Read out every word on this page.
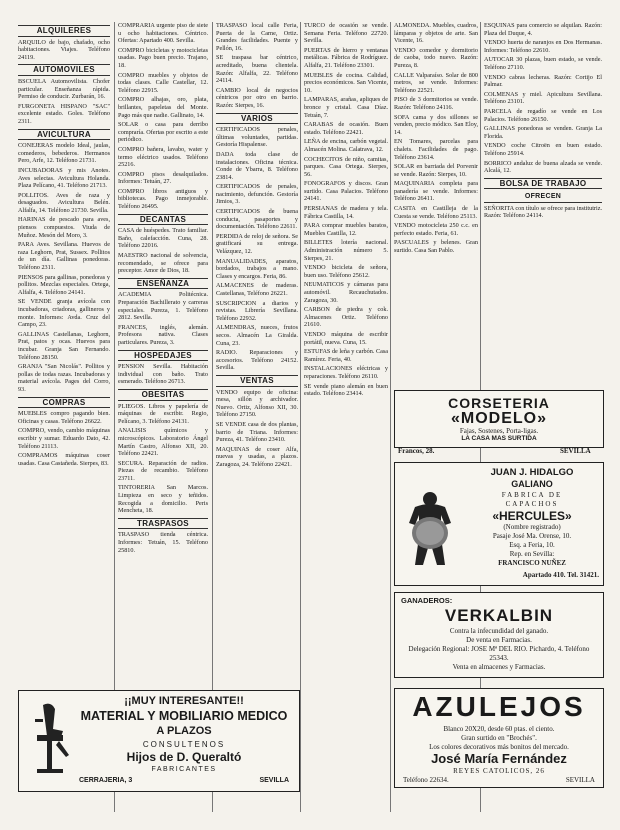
ALQUILERES
ARQUILO de bajo, chafado, ocho habitaciones. Viajes. Teléfono 24119.
AUTOMOVILES
BSCUELA Automovilista. Chofer particular. Enseñanza rápida. Permiso de conducir. Zurbarán, 16.
FURGONETA HISPANO "SAC" excelente estado. Goles. Teléfono 2311.
AVICULTURA
CONEJERAS modelo Ideal, jaulas, comederos, bebederos. Hermanos Pero, Arfe, 12. Teléfono 21731.
INCUBADORAS y mis Anotes. Aves selectas. Avicultura Holanda. Plaza Pelícano, 41. Teléfono 21713.
POLLITOS. Aves de raza y desaguados. Avicultura Belén. Alfalfa, 14. Teléfono 21730. Sevilla.
HARINAS de pescado para aves, piensos compuestos. Viuda de Muñoz. Mesón del Moro, 3.
PARA Aves. Sevillana. Huevos de raza Leghorn, Prat, Sussex. Pollitos de un día. Gallinas ponedoras. Teléfono 2311.
PIENSOS para gallinas, ponedoras y pollitos. Mezclas especiales. Ortega, Alfalfa, 4. Teléfono 24141.
SE VENDE granja avícola con incubadoras, criadoras, gallineros y monte. Informes: Avda. Cruz del Campo, 23.
GALLINAS Castellanas, Leghorn, Prat, patos y ocas. Huevos para incubar. Granja San Fernando. Teléfono 28150.
GRANJA "San Nicolás". Pollitos y pollas de todas razas. Incubadoras y material avícola. Pages del Corro, 93.
COMPRAS
MUEBLES compro pagando bien. Oficinas y casas. Teléfono 26622.
COMPRO, vendo, cambio máquinas escribir y sumar. Eduardo Dato, 42. Teléfono 21113.
COMPRAMOS máquinas coser usadas. Casa Castañeda. Sierpes, 83.
COMPRARIA urgente piso de siete u ocho habitaciones. Céntrico. Ofertas: Apartado 400. Sevilla.
COMPRO bicicletas y motocicletas usadas. Pago buen precio. Trajano, 18.
COMPRO muebles y objetos de todas clases. Calle Castellar, 12. Teléfono 22915.
COMPRO alhajas, oro, plata, brillantes, papeletas del Monte. Pago más que nadie. Gallinato, 14.
SOLAR o casa para derribo compraría. Ofertas por escrito a este periódico.
COMPRO bañera, lavabo, water y termo eléctrico usados. Teléfono 25216.
COMPRO pisos desalquilados. Informes: Tetuán, 27.
COMPRO libros antiguos y bibliotecas. Pago inmejorable. Teléfono 26495.
DECANTAS
CASA de huéspedes. Trato familiar. Baño, calefacción. Cuna, 28. Teléfono 22016.
MAESTRO nacional de solvencia, recomendado, se ofrece para preceptor. Amor de Dios, 18.
ENSEÑANZA
ACADEMIA Politécnica. Preparación Bachillerato y carreras especiales. Pureza, 1. Teléfono 2812. Sevilla.
FRANCES, inglés, alemán. Profesora nativa. Clases particulares. Pureza, 3.
HOSPEDAJES
PENSION Sevilla. Habitación individual con baño. Trato esmerado. Teléfono 26713.
OBESITAS
PLIEGOS. Libros y papelería de máquinas de escribir. Regio, Pelícano, 3. Teléfono 24131.
ANALISIS químicos y microscópicos. Laboratorio Ángel Martín Castro, Alfonso XII, 20. Teléfono 22421.
SECURA. Reparación de radios. Piezas de recambio. Teléfono 23711.
TINTORERIA San Marcos. Limpieza en seco y teñidos. Recogida a domicilio. Peris Mencheta, 18.
TRASPASOS
TRASPASO tienda céntrica. Informes: Tetuán, 15. Teléfono 25810.
TRASPASO local calle Feria, Puerta de la Carne, Ortiz. Grandes facilidades. Puente y Pellón, 16.
SE traspasa bar céntrico, acreditado, buena clientela. Razón: Alfalfa, 22. Teléfono 24114.
CAMBIO local de negocios céntricos por otro en barrio. Razón: Sierpes, 16.
VARIOS
CERTIFICADOS penales, últimas voluntades, partidas. Gestoría Hispalense.
DADA toda clase de instalaciones. Oficina técnica. Conde de Ybarra, 8. Teléfono 23814.
CERTIFICADOS de penales, nacimiento, defunción. Gestoría Jimios, 3.
CERTIFICADOS de buena conducta, pasaportes y documentación. Teléfono 22611.
PERDIDA de reloj de señora. Se gratificará su entrega. Velázquez, 12.
MANUALIDADES, aparatos, bordados, trabajos a mano. Clases y encargos. Feria, 86.
ALMACENES de maderas. Castellanas, Teléfono 26221.
SUSCRIPCION a diarios y revistas. Librería Sevillana. Teléfono 22932.
ALMENDRAS, nueces, frutos secos. Almacén La Giralda. Cuna, 23.
RADIO. Reparaciones y accesorios. Teléfono 24152. Sevilla.
VENTAS
VENDO equipo de oficina: mesa, sillón y archivador. Nuevo. Ortiz, Alfonso XII, 30. Teléfono 27150.
SE VENDE casa de dos plantas, barrio de Triana. Informes: Pureza, 41. Teléfono 23410.
MAQUINAS de coser Alfa, nuevas y usadas, a plazos. Zaragoza, 24. Teléfono 22421.
TURCO de ocasión se vende. Semana Feria. Teléfono 22720. Sevilla.
PUERTAS de hierro y ventanas metálicas. Fábrica de Rodríguez. Alfalfa, 21. Teléfono 23301.
MUEBLES de cocina. Calidad, precios económicos. San Vicente, 10.
LAMPARAS, arañas, apliques de bronce y cristal. Casa Díaz. Tetuán, 7.
CARABAS de ocasión. Buen estado. Teléfono 22421.
LEÑA de encina, carbón vegetal. Almacén Molina. Calatrava, 12.
COCHECITOS de niño, camitas, parques. Casa Ortega. Sierpes, 56.
FONOGRAFOS y discos. Gran surtido. Casa Palacios. Teléfono 24141.
PERSIANAS de madera y tela. Fábrica Castilla, 14.
PARA comprar muebles baratos, Muebles Castilla, 12.
BILLETES lotería nacional. Administración número 5. Sierpes, 21.
VENDO bicicleta de señora, buen uso. Teléfono 25612.
NEUMATICOS y cámaras para automóvil. Recauchutados. Zaragoza, 30.
CARBON de piedra y cok. Almacenes Ortiz. Teléfono 21610.
VENDO máquina de escribir portátil, nueva. Cuna, 15.
ESTUFAS de leña y carbón. Casa Ramírez. Feria, 40.
INSTALACIONES eléctricas y reparaciones. Teléfono 26110.
SE vende piano alemán en buen estado. Teléfono 23414.
ALMONEDA. Muebles, cuadros, lámparas y objetos de arte. San Vicente, 16.
VENDO comedor y dormitorio de caoba, todo nuevo. Razón: Pureza, 8.
CALLE Valparaíso. Solar de 800 metros, se vende. Informes: Teléfono 22521.
PISO de 3 dormitorios se vende. Razón: Teléfono 24116.
SOFA cama y dos sillones se venden, precio módico. San Eloy, 14.
EN Tomares, parcelas para chalets. Facilidades de pago. Teléfono 23614.
SOLAR en barriada del Porvenir se vende. Razón: Sierpes, 10.
MAQUINARIA completa para panadería se vende. Informes: Teléfono 26411.
CASITA en Castilleja de la Cuesta se vende. Teléfono 25113.
VENDO motocicleta 250 c.c. en perfecto estado. Feria, 61.
PASCUALES y belenes. Gran surtido. Casa San Pablo.
ESQUINAS para comercio se alquilan. Razón: Plaza del Duque, 4.
VENDO huerta de naranjos en Dos Hermanas. Informes: Teléfono 22610.
AUTOCAR 30 plazas, buen estado, se vende. Teléfono 27110.
VENDO cabras lecheras. Razón: Cortijo El Palmar.
COLMENAS y miel. Apicultura Sevillana. Teléfono 23101.
PARCELA de regadío se vende en Los Palacios. Teléfono 26150.
GALLINAS ponedoras se venden. Granja La Florida.
VENDO coche Citroën en buen estado. Teléfono 25914.
BORRICO andaluz de buena alzada se vende. Alcalá, 12.
BOLSA DE TRABAJO
OFRECEN
SEÑORITA con título se ofrece para institutriz. Razón: Teléfono 24114.
¡¡MUY INTERESANTE!!
MATERIAL Y MOBILIARIO MEDICO
A PLAZOS
CONSULTENOS
Hijos de D. Queraltó
FABRICANTES
CERRAJERIA, 3	SEVILLA
CORSETERIA
«MODELO»
Fajas, Sostenes, Porta-ligas.
LA CASA MAS SURTIDA
Francos, 28.	SEVILLA
JUAN J. HIDALGO
GALIANO
FABRICA DE
CAPACHOS
«HERCULES»
(Nombre registrado)
Pasaje José Ma. Orense, 10.
Esq. a Feria, 10.
Rep. en Sevilla:
FRANCISCO NUÑEZ
Apartado 410. Tel. 31421.
GANADEROS:
VERKALBIN
Contra la infecundidad del ganado.
De venta en Farmacias.
Delegación Regional: JOSE Mª DEL RIO. Pichardo, 4. Teléfono 25343.
Venta en almacenes y Farmacias.
AZULEJOS
Blanco 20X20, desde 60 ptas. el ciento.
Gran surtido en "Brochés".
Los colores decorativos más bonitos del mercado.
José María Fernández
REYES CATOLICOS, 26
Teléfono 22634.	SEVILLA
